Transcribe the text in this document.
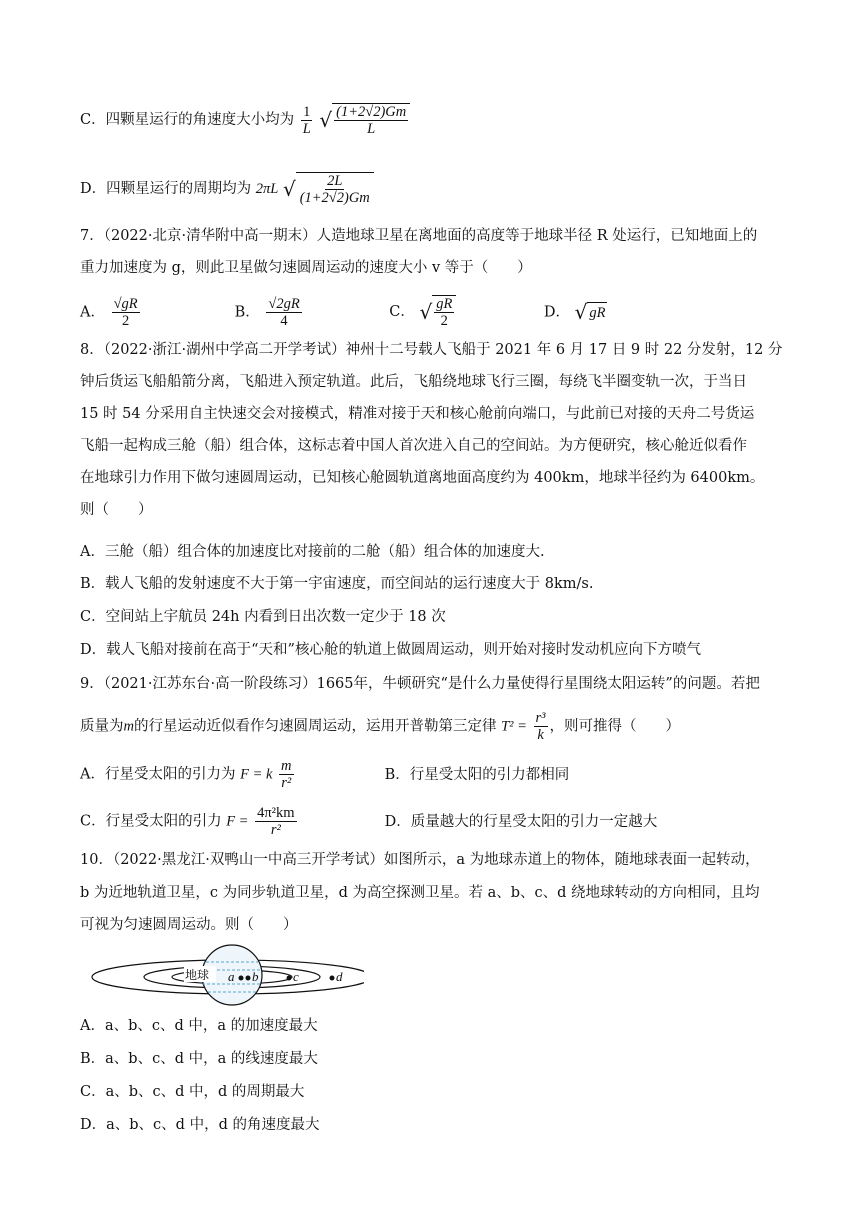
C．四颗星运行的角速度大小均为 $\frac{1}{L}$
√ $\frac{(1+2√2)Gm}{L}$
D．四颗星运行的周期均为 2πL √ $\frac{2L}{(1+2√2)Gm}$
7．（2022·北京·清华附中高一期末）人造地球卫星在离地面的高度等于地球半径 R 处运行，已知地面上的
重力加速度为 g，则此卫星做匀速圆周运动的速度大小 v 等于（　　）
A． $\frac{√gR}{2}$	B． $\frac{√2gR}{4}$	C． √ $\frac{gR}{2}$	D． √ gR
8．（2022·浙江·湖州中学高二开学考试）神州十二号载人飞船于 2021 年 6 月 17 日 9 时 22 分发射，12 分
钟后货运飞船船箭分离，飞船进入预定轨道。此后，飞船绕地球飞行三圈，每绕飞半圈变轨一次，于当日
15 时 54 分采用自主快速交会对接模式，精准对接于天和核心舱前向端口，与此前已对接的天舟二号货运
飞船一起构成三舱（船）组合体，这标志着中国人首次进入自己的空间站。为方便研究，核心舱近似看作
在地球引力作用下做匀速圆周运动，已知核心舱圆轨道离地面高度约为 400km，地球半径约为 6400km。
则（　　）
A．三舱（船）组合体的加速度比对接前的二舱（船）组合体的加速度大.
B．载人飞船的发射速度不大于第一宇宙速度，而空间站的运行速度大于 8km/s.
C．空间站上宇航员 24h 内看到日出次数一定少于 18 次
D．载人飞船对接前在高于“天和”核心舱的轨道上做圆周运动，则开始对接时发动机应向下方喷气
9．（2021·江苏东台·高一阶段练习）1665年，牛顿研究“是什么力量使得行星围绕太阳运转”的问题。若把
质量为m的行星运动近似看作匀速圆周运动，运用开普勒第三定律 $T^2 = \frac{\text{r³}}{k}$ ，则可推得（　　）
A．行星受太阳的引力为 F = k $\frac{m}{\text{r²}}$	B．行星受太阳的引力都相同
C．行星受太阳的引力 $F = \frac{\text{4π²km}}{\text{r²}}$	D．质量越大的行星受太阳的引力一定越大
10．（2022·黑龙江·双鸭山一中高三开学考试）如图所示，a 为地球赤道上的物体，随地球表面一起转动，
b 为近地轨道卫星，c 为同步轨道卫星，d 为高空探测卫星。若 a、b、c、d 绕地球转动的方向相同，且均
可视为匀速圆周运动。则（　　）
地球 a b	c	d
A．a、b、c、d 中，a 的加速度最大
B．a、b、c、d 中，a 的线速度最大
C．a、b、c、d 中，d 的周期最大
D．a、b、c、d 中，d 的角速度最大
